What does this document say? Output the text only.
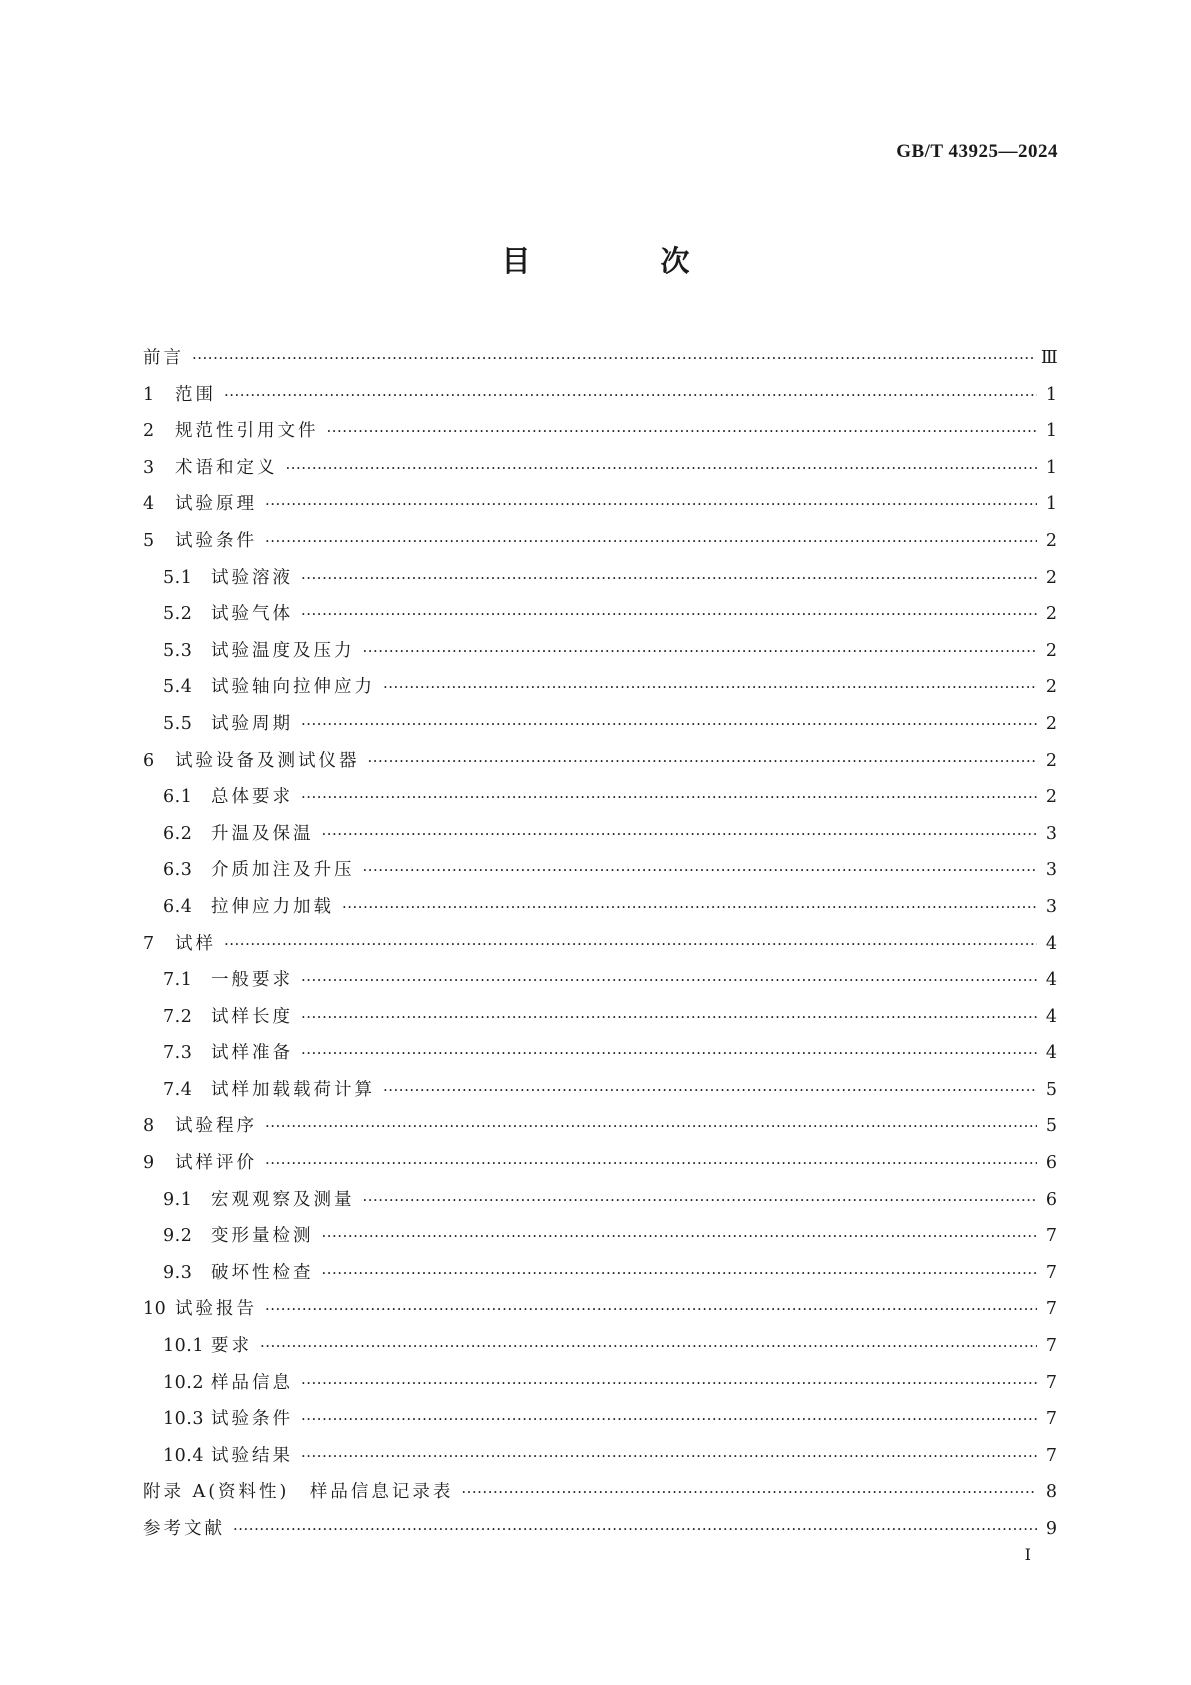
GB/T 43925—2024
目 次
前言 ·····	Ⅲ
1	范围 ·····	1
2	规范性引用文件 ·····	1
3	术语和定义 ·····	1
4	试验原理 ·····	1
5	试验条件 ·····	2
5.1	试验溶液 ·····	2
5.2	试验气体 ·····	2
5.3	试验温度及压力 ·····	2
5.4	试验轴向拉伸应力 ·····	2
5.5	试验周期 ·····	2
6	试验设备及测试仪器 ·····	2
6.1	总体要求 ·····	2
6.2	升温及保温 ·····	3
6.3	介质加注及升压 ·····	3
6.4	拉伸应力加载 ·····	3
7	试样 ·····	4
7.1	一般要求 ·····	4
7.2	试样长度 ·····	4
7.3	试样准备 ·····	4
7.4	试样加载载荷计算 ·····	5
8	试验程序 ·····	5
9	试样评价 ·····	6
9.1	宏观观察及测量 ·····	6
9.2	变形量检测 ·····	7
9.3	破坏性检查 ·····	7
10 试验报告 ·····	7
10.1 要求 ·····	7
10.2 样品信息 ·····	7
10.3 试验条件 ·····	7
10.4 试验结果 ·····	7
附录 A(资料性)　样品信息记录表 ·····	8
参考文献 ·····	9
I
